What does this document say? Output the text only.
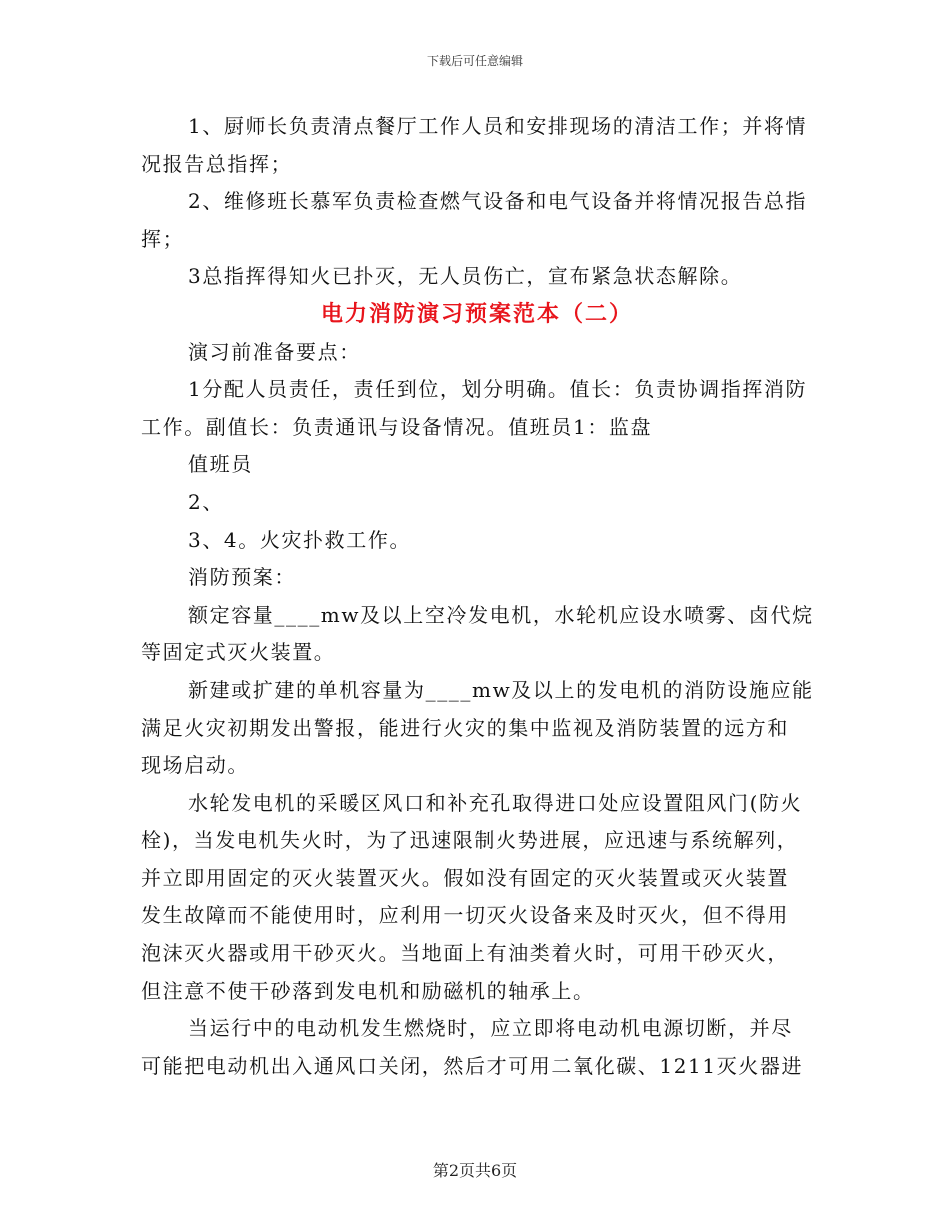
下载后可任意编辑
1、厨师长负责清点餐厅工作人员和安排现场的清洁工作；并将情
况报告总指挥；
2、维修班长慕军负责检查燃气设备和电气设备并将情况报告总指
挥；
3总指挥得知火已扑灭，无人员伤亡，宣布紧急状态解除。
电力消防演习预案范本（二）
演习前准备要点：
1分配人员责任，责任到位，划分明确。值长：负责协调指挥消防
工作。副值长：负责通讯与设备情况。值班员1：监盘
值班员
2、
3、4。火灾扑救工作。
消防预案：
额定容量____mw及以上空冷发电机，水轮机应设水喷雾、卤代烷
等固定式灭火装置。
新建或扩建的单机容量为____mw及以上的发电机的消防设施应能
满足火灾初期发出警报，能进行火灾的集中监视及消防装置的远方和
现场启动。
水轮发电机的采暖区风口和补充孔取得进口处应设置阻风门(防火
栓)，当发电机失火时，为了迅速限制火势进展，应迅速与系统解列，
并立即用固定的灭火装置灭火。假如没有固定的灭火装置或灭火装置
发生故障而不能使用时，应利用一切灭火设备来及时灭火，但不得用
泡沫灭火器或用干砂灭火。当地面上有油类着火时，可用干砂灭火，
但注意不使干砂落到发电机和励磁机的轴承上。
当运行中的电动机发生燃烧时，应立即将电动机电源切断，并尽
可能把电动机出入通风口关闭，然后才可用二氧化碳、1211灭火器进
第2页共6页
